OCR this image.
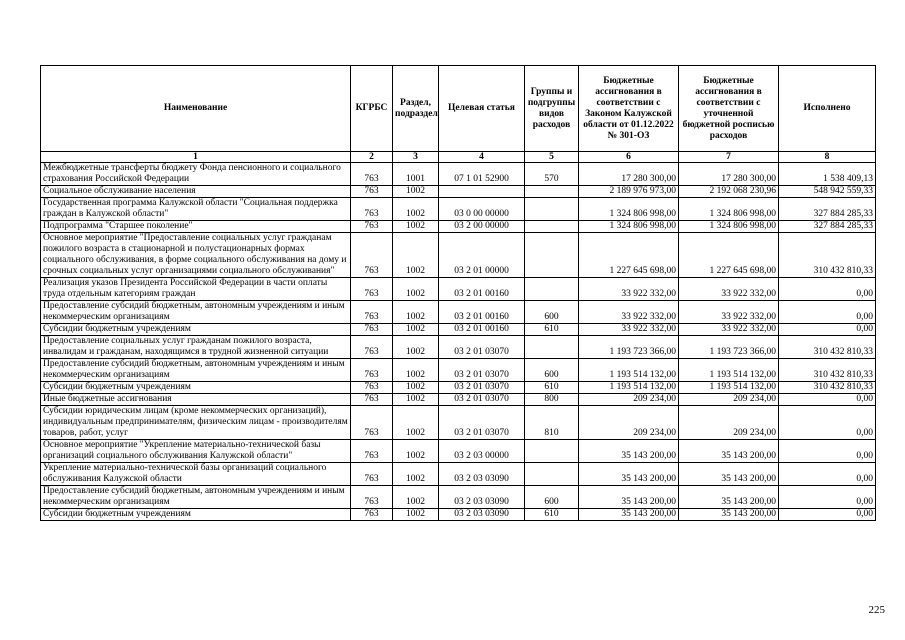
Наименование	КГРБС	Раздел, подраздел	Целевая статья	Группы и подгруппы видов расходов	Бюджетные ассигнования в соответствии с Законом Калужской области от 01.12.2022 № 301-ОЗ	Бюджетные ассигнования в соответствии с уточненной бюджетной росписью расходов	Исполнено
1	2	3	4	5	6	7	8
Межбюджетные трансферты бюджету Фонда пенсионного и социального страхования Российской Федерации	763	1001	07 1 01 52900	570	17 280 300,00	17 280 300,00	1 538 409,13
Социальное обслуживание населения	763	1002			2 189 976 973,00	2 192 068 230,96	548 942 559,33
Государственная программа Калужской области "Социальная поддержка граждан в Калужской области"	763	1002	03 0 00 00000		1 324 806 998,00	1 324 806 998,00	327 884 285,33
Подпрограмма "Старшее поколение"	763	1002	03 2 00 00000		1 324 806 998,00	1 324 806 998,00	327 884 285,33
Основное мероприятие "Предоставление социальных услуг гражданам пожилого возраста в стационарной и полустационарных формах социального обслуживания, в форме социального обслуживания на дому и срочных социальных услуг организациями социального обслуживания"	763	1002	03 2 01 00000		1 227 645 698,00	1 227 645 698,00	310 432 810,33
Реализация указов Президента Российской Федерации в части оплаты труда отдельным категориям граждан	763	1002	03 2 01 00160		33 922 332,00	33 922 332,00	0,00
Предоставление субсидий бюджетным, автономным учреждениям и иным некоммерческим организациям	763	1002	03 2 01 00160	600	33 922 332,00	33 922 332,00	0,00
Субсидии бюджетным учреждениям	763	1002	03 2 01 00160	610	33 922 332,00	33 922 332,00	0,00
Предоставление социальных услуг гражданам пожилого возраста, инвалидам и гражданам, находящимся в трудной жизненной ситуации	763	1002	03 2 01 03070		1 193 723 366,00	1 193 723 366,00	310 432 810,33
Предоставление субсидий бюджетным, автономным учреждениям и иным некоммерческим организациям	763	1002	03 2 01 03070	600	1 193 514 132,00	1 193 514 132,00	310 432 810,33
Субсидии бюджетным учреждениям	763	1002	03 2 01 03070	610	1 193 514 132,00	1 193 514 132,00	310 432 810,33
Иные бюджетные ассигнования	763	1002	03 2 01 03070	800	209 234,00	209 234,00	0,00
Субсидии юридическим лицам (кроме некоммерческих организаций), индивидуальным предпринимателям, физическим лицам - производителям товаров, работ, услуг	763	1002	03 2 01 03070	810	209 234,00	209 234,00	0,00
Основное мероприятие "Укрепление материально-технической базы организаций социального обслуживания Калужской области"	763	1002	03 2 03 00000		35 143 200,00	35 143 200,00	0,00
Укрепление материально-технической базы организаций социального обслуживания Калужской области	763	1002	03 2 03 03090		35 143 200,00	35 143 200,00	0,00
Предоставление субсидий бюджетным, автономным учреждениям и иным некоммерческим организациям	763	1002	03 2 03 03090	600	35 143 200,00	35 143 200,00	0,00
Субсидии бюджетным учреждениям	763	1002	03 2 03 03090	610	35 143 200,00	35 143 200,00	0,00
225
